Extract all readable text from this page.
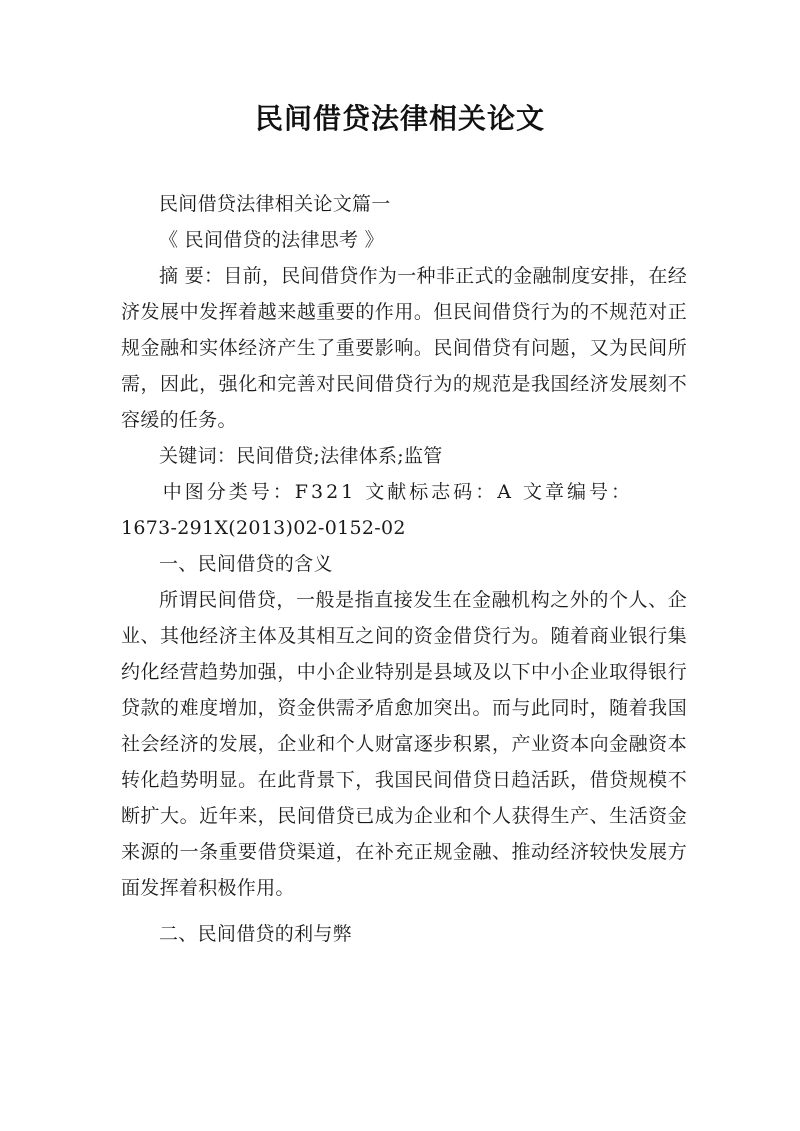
民间借贷法律相关论文

民间借贷法律相关论文篇一

《 民间借贷的法律思考 》

摘 要：目前，民间借贷作为一种非正式的金融制度安排，在经济发展中发挥着越来越重要的作用。但民间借贷行为的不规范对正规金融和实体经济产生了重要影响。民间借贷有问题，又为民间所需，因此，强化和完善对民间借贷行为的规范是我国经济发展刻不容缓的任务。

关键词：民间借贷;法律体系;监管

中图分类号：F321 文献标志码：A 文章编号：

1673-291X(2013)02-0152-02

一、民间借贷的含义

所谓民间借贷，一般是指直接发生在金融机构之外的个人、企业、其他经济主体及其相互之间的资金借贷行为。随着商业银行集约化经营趋势加强，中小企业特别是县域及以下中小企业取得银行贷款的难度增加，资金供需矛盾愈加突出。而与此同时，随着我国社会经济的发展，企业和个人财富逐步积累，产业资本向金融资本转化趋势明显。在此背景下，我国民间借贷日趋活跃，借贷规模不断扩大。近年来，民间借贷已成为企业和个人获得生产、生活资金来源的一条重要借贷渠道，在补充正规金融、推动经济较快发展方面发挥着积极作用。

二、民间借贷的利与弊
